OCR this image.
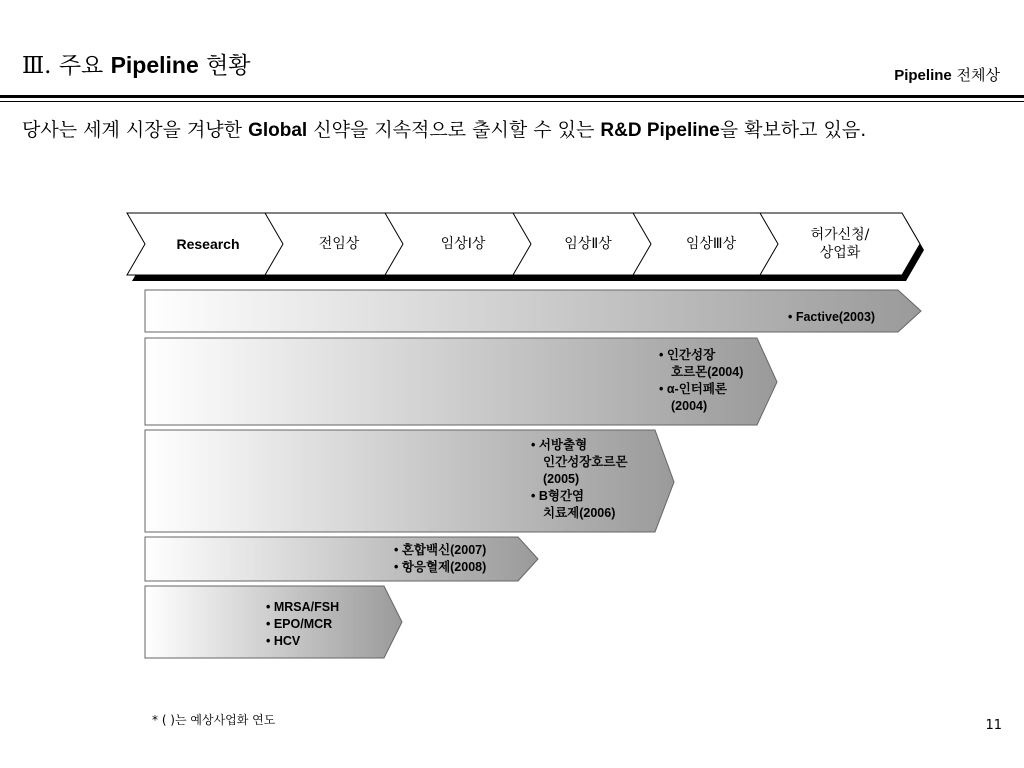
Ⅲ. 주요 Pipeline 현황	Pipeline 전체상
당사는 세계 시장을 겨냥한 Global 신약을 지속적으로 출시할 수 있는 R&D Pipeline을 확보하고 있음.
Research	전임상	임상Ⅰ상	임상Ⅱ상	임상Ⅲ상
허가신청/
상업화
• Factive(2003)
• 인간성장
호르몬(2004)
• α-인터페론
(2004)
• 서방출형
인간성장호르몬
(2005)
• B형간염
치료제(2006)
• 혼합백신(2007)
• 항응혈제(2008)
• MRSA/FSH
• EPO/MCR
• HCV
* ( )는 예상사업화 연도	11
